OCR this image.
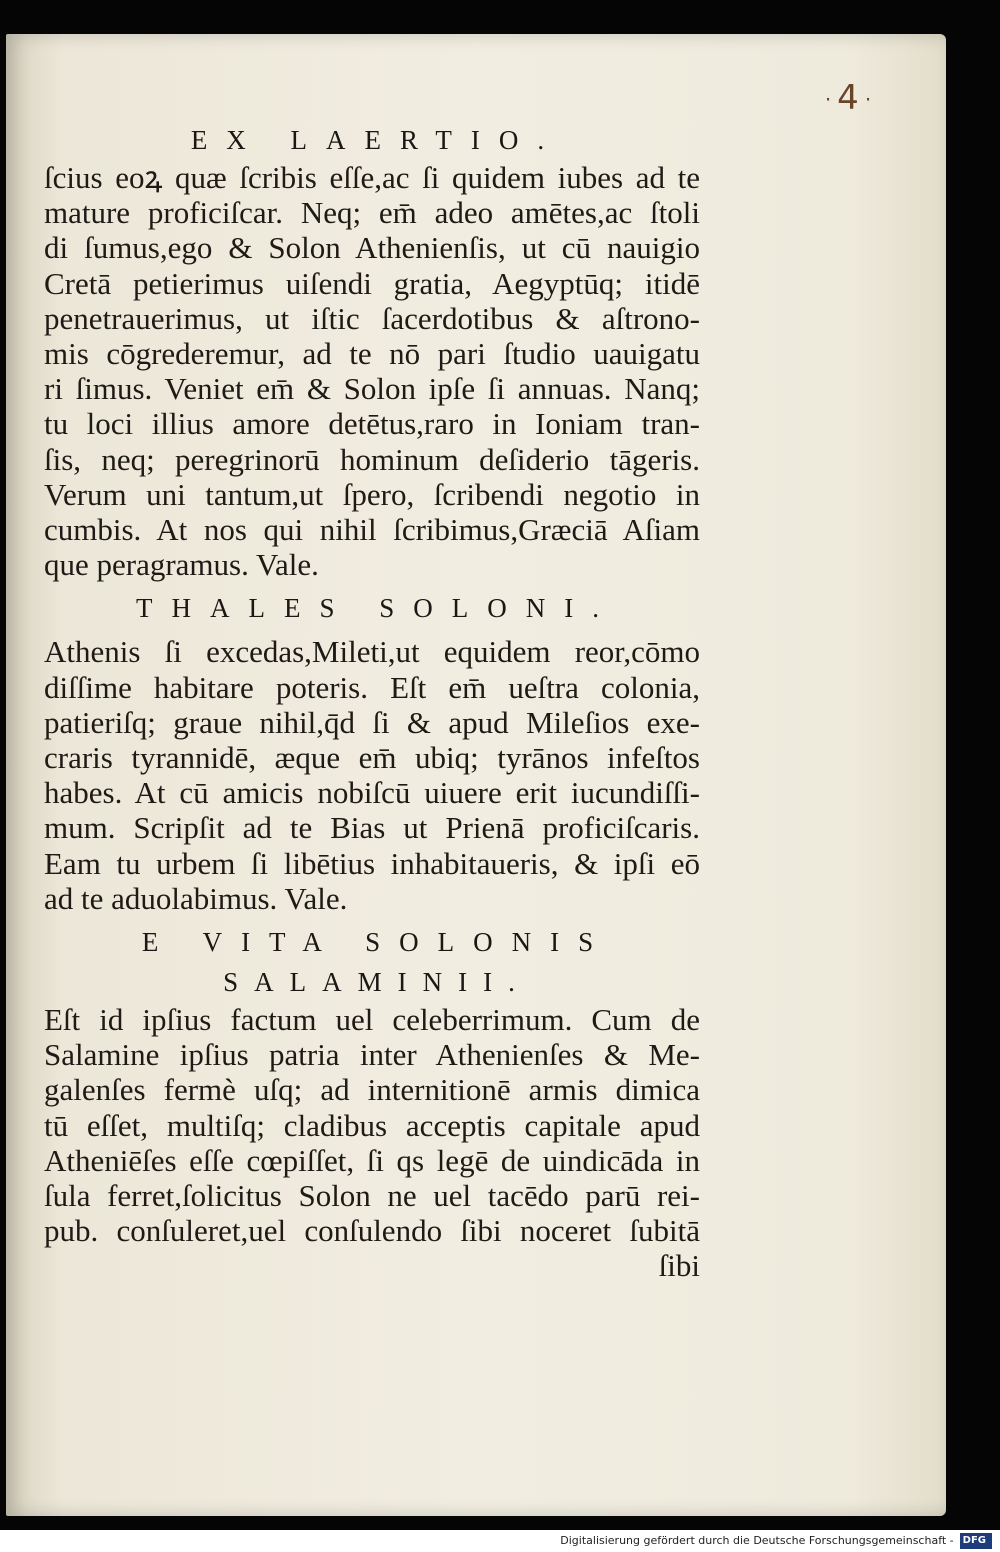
·4·
EX LAERTIO.
ſcius eoꝝ quæ ſcribis eſſe,ac ſi quidem iubes ad te
mature proficiſcar. Neq; em̄ adeo amētes,ac ſtoli
di ſumus,ego & Solon Athenienſis, ut cū nauigio
Cretā petierimus uiſendi gratia, Aegyptūq; itidē
penetrauerimus, ut iſtic ſacerdotibus & aſtrono-
mis cōgrederemur, ad te nō pari ſtudio uauigatu
ri ſimus. Veniet em̄ & Solon ipſe ſi annuas. Nanq;
tu loci illius amore detētus,raro in Ioniam tran-
ſis, neq; peregrinorū hominum deſiderio tāgeris.
Verum uni tantum,ut ſpero, ſcribendi negotio in
cumbis. At nos qui nihil ſcribimus,Græciā Aſiam
que peragramus. Vale.
THALES SOLONI.
Athenis ſi excedas,Mileti,ut equidem reor,cōmo
diſſime habitare poteris. Eſt em̄ ueſtra colonia,
patieriſq; graue nihil,q̄d ſi & apud Mileſios exe-
craris tyrannidē, æque em̄ ubiq; tyrānos infeſtos
habes. At cū amicis nobiſcū uiuere erit iucundiſſi-
mum. Scripſit ad te Bias ut Prienā proficiſcaris.
Eam tu urbem ſi libētius inhabitaueris, & ipſi eō
ad te aduolabimus. Vale.
E VITA SOLONIS
SALAMINII.
Eſt id ipſius factum uel celeberrimum. Cum de
Salamine ipſius patria inter Athenienſes & Me-
galenſes fermè uſq; ad internitionē armis dimica
tū eſſet, multiſq; cladibus acceptis capitale apud
Atheniēſes eſſe cœpiſſet, ſi qs legē de uindicāda in
ſula ferret,ſolicitus Solon ne uel tacēdo parū rei-
pub. conſuleret,uel conſulendo ſibi noceret ſubitā
ſibi
Digitalisierung gefördert durch die Deutsche Forschungsgemeinschaft - DFG
